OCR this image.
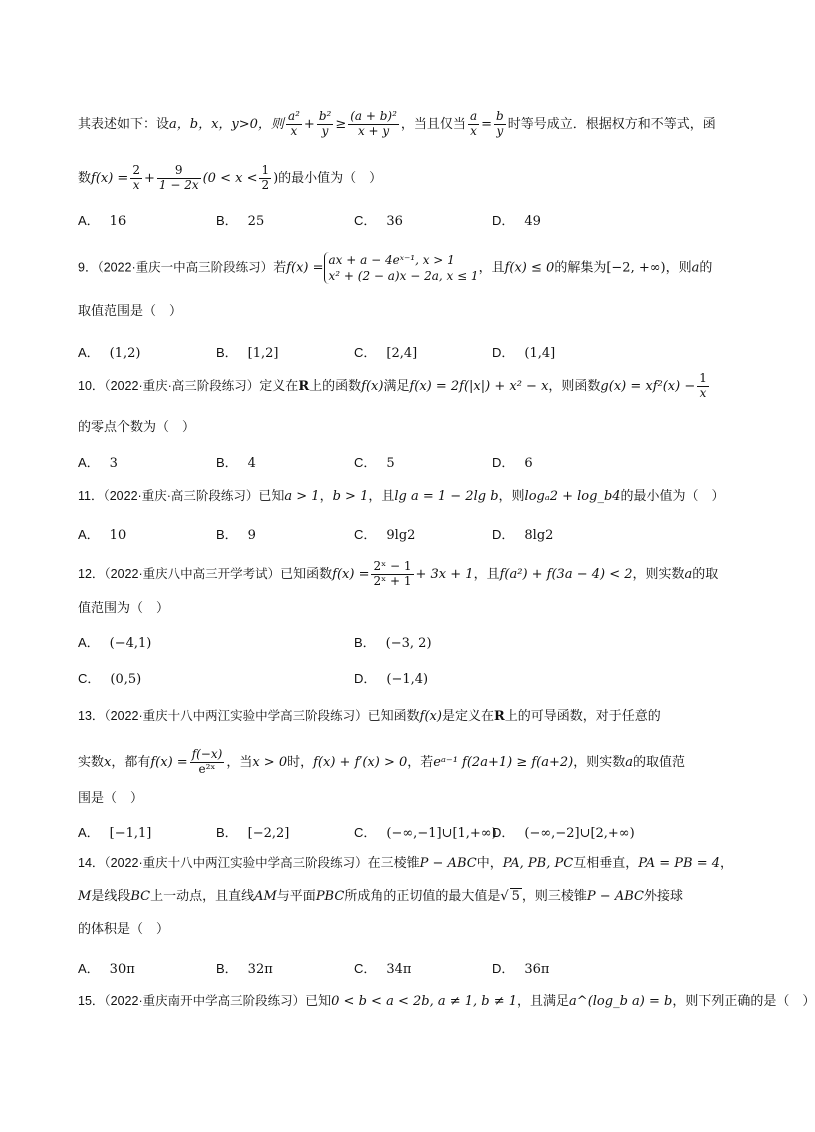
其表述如下：设a，b，x，y>0，则 $\frac{\text{a²}}{x} + \frac{\text{b²}}{y} \ge \frac{\text{(a + b)²}}{x + y}$ ，当且仅当 $\frac{a}{x} = \frac{b}{y}$ 时等号成立．根据权方和不等式，函
数$f(x) = \frac{2}{x} + \frac{9}{1 - 2x} (0 < x < \frac{1}{2}$ )的最小值为（　）
A． 16	B． 25	C． 36	D． 49
9．（2022·重庆一中高三阶段练习）若f(x) =
ax + a − 4eˣ⁻¹, x > 1
x² + (2 − a)x − 2a, x ≤ 1
，且f(x) ≤ 0的解集为[−2, +∞)，则a的
取值范围是（　）
A． (1,2)	B． [1,2]	C． [2,4]	D． (1,4]
10．（2022·重庆·高三阶段练习）定义在R上的函数f(x)满足f(x) = 2f(|x|) + x² − x，则函数$g(x) = xf^2(x) - \frac{1}{x}$
的零点个数为（　）
A． 3	B． 4	C． 5	D． 6
11．（2022·重庆·高三阶段练习）已知a > 1，b > 1，且lg a = 1 − 2lg b，则logₐ2 + log_b4的最小值为（　）
A． 10	B． 9	C． 9lg2	D． 8lg2
12．（2022·重庆八中高三开学考试）已知函数$f(x) = \frac{\text{2ˣ − 1}}{\text{2ˣ + 1}} + 3x + 1$，且f(a²) + f(3a − 4) < 2，则实数a的取
值范围为（　）
A． (−4,1)	B． (−3, 2)
C． (0,5)	D． (−1,4)
13．（2022·重庆十八中两江实验中学高三阶段练习）已知函数f(x)是定义在R上的可导函数，对于任意的
实数x，都有$f(x) = \frac{f(-x)}{\text{e²ˣ}}$ ，当x > 0时，f(x) + f′(x) > 0，若eᵃ⁻¹ f(2a+1) ≥ f(a+2)，则实数a的取值范
围是（　）
A． [−1,1]	B． [−2,2]	C． (−∞,−1]∪[1,+∞)
D． (−∞,−2]∪[2,+∞)
14．（2022·重庆十八中两江实验中学高三阶段练习）在三棱锥P − ABC中，PA, PB, PC互相垂直，PA = PB = 4，
M是线段BC上一动点，且直线AM与平面PBC所成角的正切值的最大值是√ 5 ，则三棱锥P − ABC外接球
的体积是（　）
A． 30π	B． 32π	C． 34π	D． 36π
15．（2022·重庆南开中学高三阶段练习）已知0 < b < a < 2b, a ≠ 1, b ≠ 1，且满足a^(log_b a) = b，则下列正确的是（　）
